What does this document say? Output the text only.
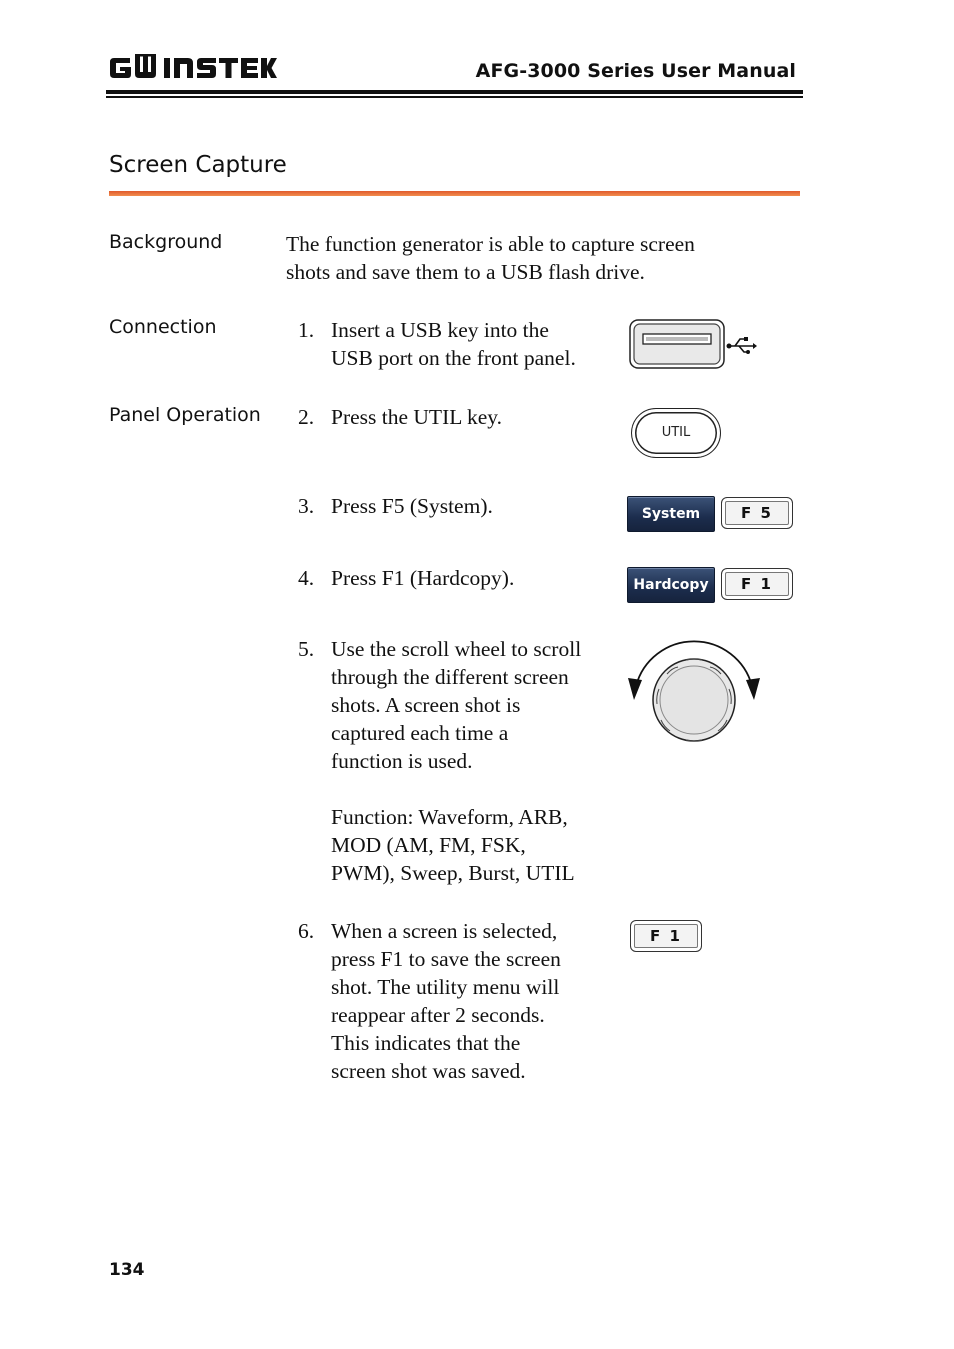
AFG-3000 Series User Manual
Screen Capture
Background	The function generator is able to capture screen
shots and save them to a USB flash drive.
Connection	1. Insert a USB key into the
USB port on the front panel.
Panel Operation 2. Press the UTIL key.
UTIL
3. Press F5 (System).	System	F 5
4. Press F1 (Hardcopy).	Hardcopy	F 1
5. Use the scroll wheel to scroll
through the different screen
shots. A screen shot is
captured each time a
function is used.
Function: Waveform, ARB,
MOD (AM, FM, FSK,
PWM), Sweep, Burst, UTIL
6. When a screen is selected,
press F1 to save the screen
shot. The utility menu will
reappear after 2 seconds.
This indicates that the
screen shot was saved.
F 1
134
